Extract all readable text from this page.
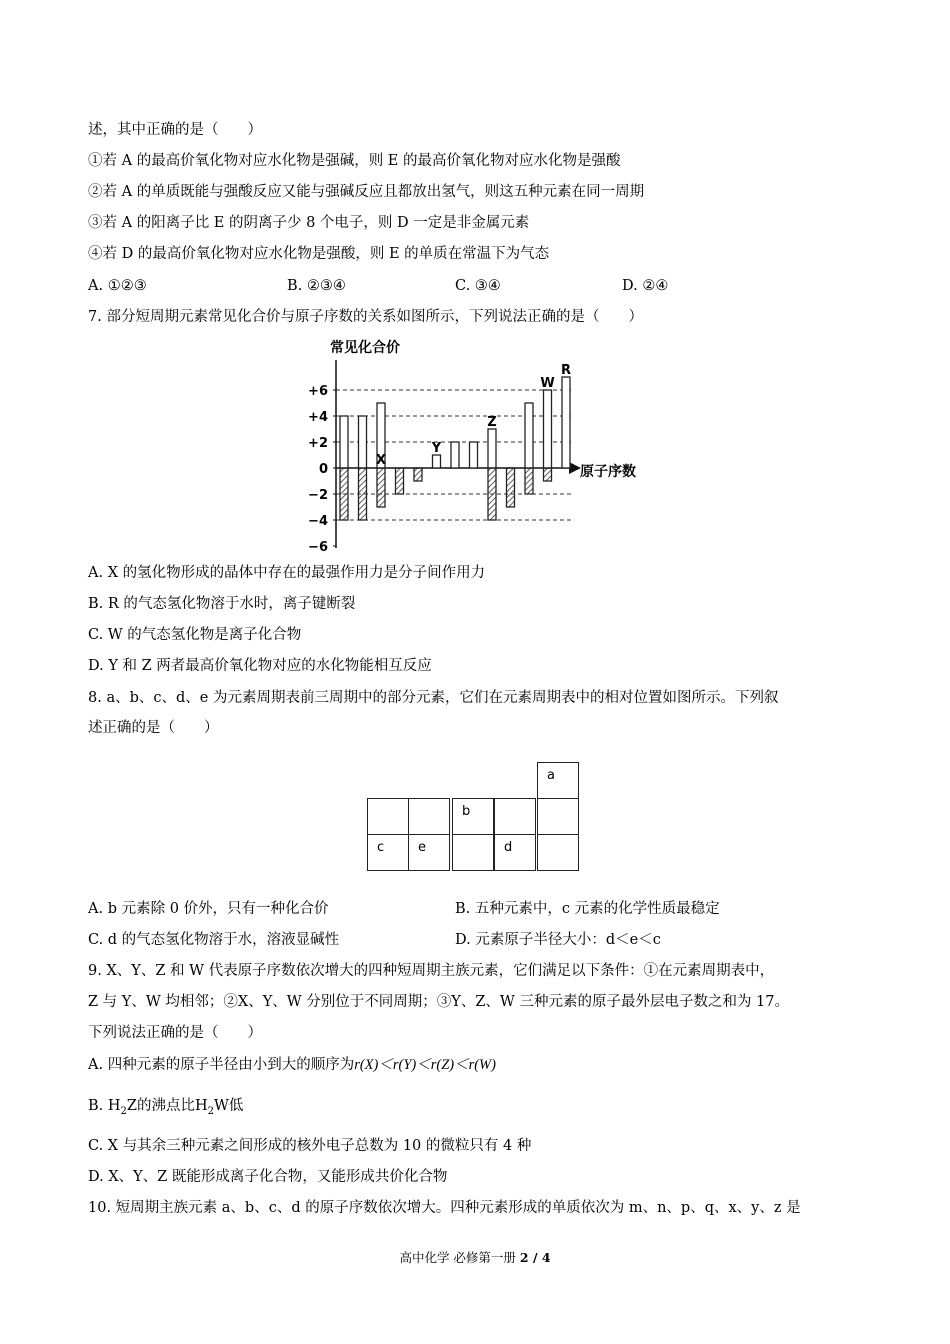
述，其中正确的是（　　）
①若 A 的最高价氧化物对应水化物是强碱，则 E 的最高价氧化物对应水化物是强酸
②若 A 的单质既能与强酸反应又能与强碱反应且都放出氢气，则这五种元素在同一周期
③若 A 的阳离子比 E 的阴离子少 8 个电子，则 D 一定是非金属元素
④若 D 的最高价氧化物对应水化物是强酸，则 E 的单质在常温下为气态
A. ①②③	B. ②③④	C. ③④	D. ②④
7. 部分短周期元素常见化合价与原子序数的关系如图所示，下列说法正确的是（　　）
常见化合价
+6
+4
+2
0
−2
−4
−6
X
Y
Z
W
R
原子序数
A. X 的氢化物形成的晶体中存在的最强作用力是分子间作用力
B. R 的气态氢化物溶于水时，离子键断裂
C. W 的气态氢化物是离子化合物
D. Y 和 Z 两者最高价氧化物对应的水化物能相互反应
8. a、b、c、d、e 为元素周期表前三周期中的部分元素，它们在元素周期表中的相对位置如图所示。下列叙
述正确的是（　　）
a
b
c	e	d
A. b 元素除 0 价外，只有一种化合价	B. 五种元素中，c 元素的化学性质最稳定
C. d 的气态氢化物溶于水，溶液显碱性	D. 元素原子半径大小：d＜e＜c
9. X、Y、Z 和 W 代表原子序数依次增大的四种短周期主族元素，它们满足以下条件：①在元素周期表中，
Z 与 Y、W 均相邻；②X、Y、W 分别位于不同周期；③Y、Z、W 三种元素的原子最外层电子数之和为 17。
下列说法正确的是（　　）
A. 四种元素的原子半径由小到大的顺序为r(X)＜r(Y)＜r(Z)＜r(W)
B. $H_2Z$的沸点比$H_2W$低
C. X 与其余三种元素之间形成的核外电子总数为 10 的微粒只有 4 种
D. X、Y、Z 既能形成离子化合物，又能形成共价化合物
10. 短周期主族元素 a、b、c、d 的原子序数依次增大。四种元素形成的单质依次为 m、n、p、q、x、y、z 是
高中化学 必修第一册 2 / 4
